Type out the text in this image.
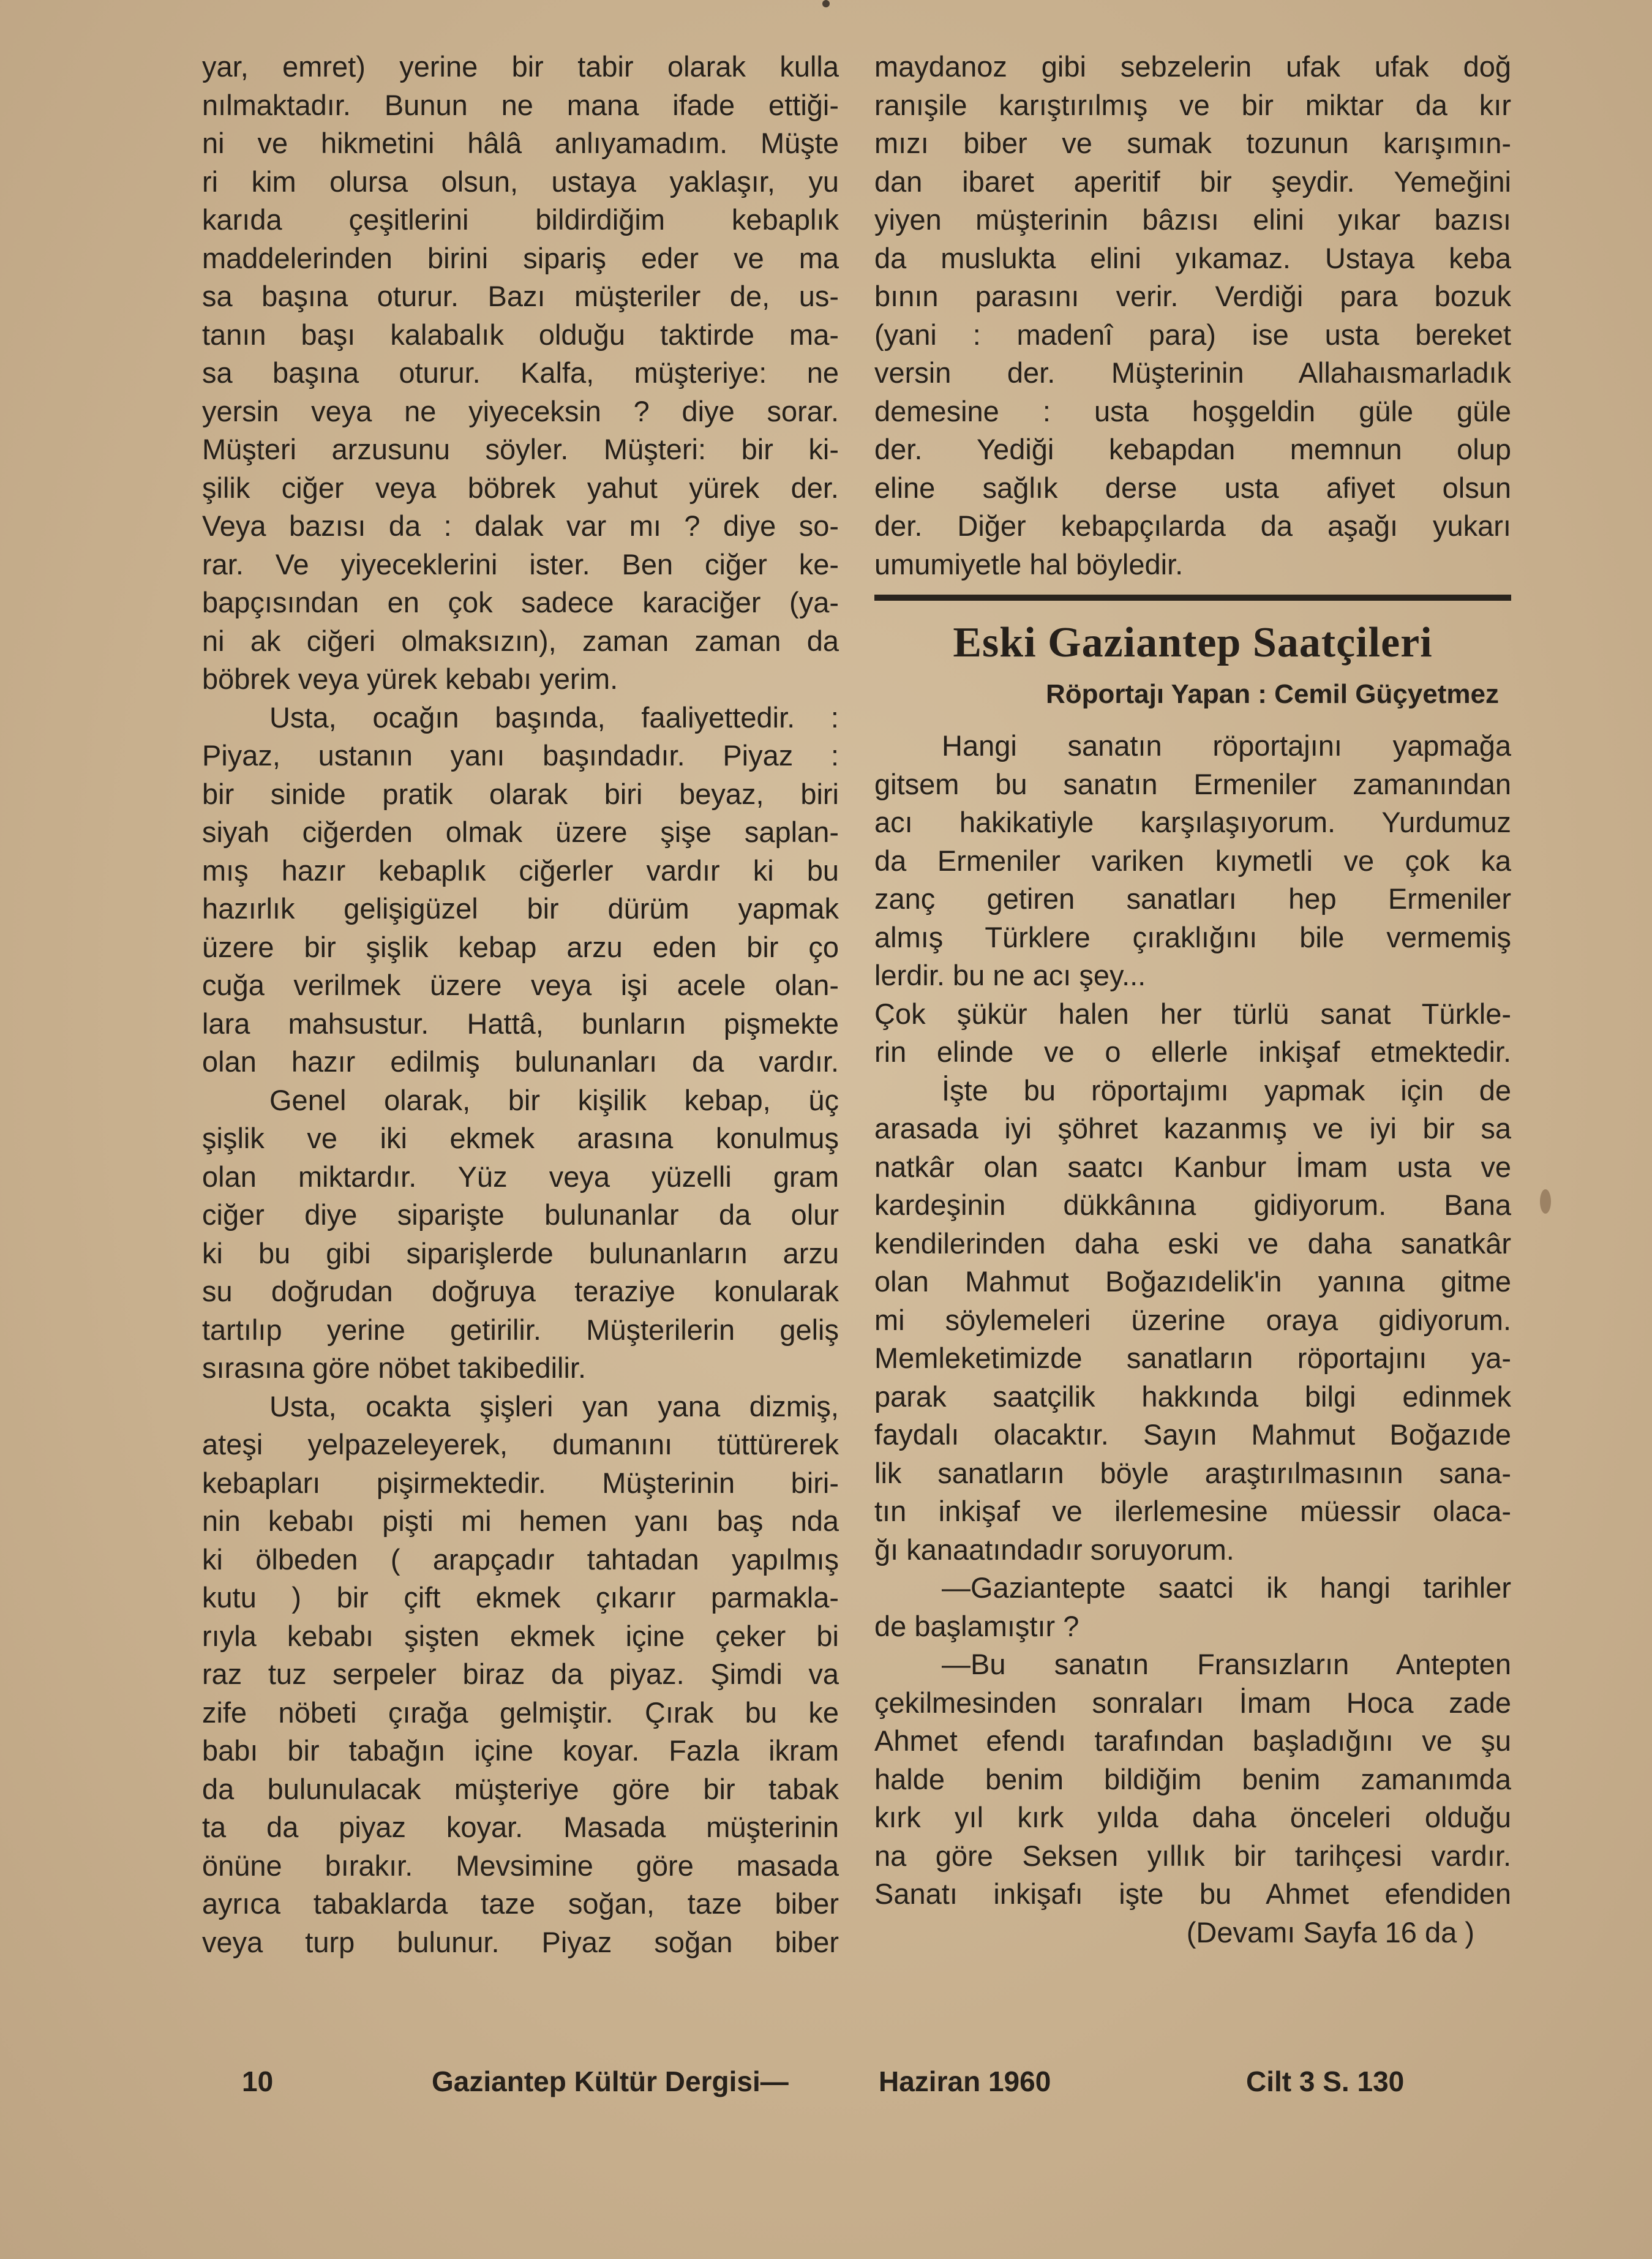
yar, emret) yerine bir tabir olarak kulla

nılmaktadır. Bunun ne mana ifade ettiği-

ni ve hikmetini hâlâ anlıyamadım. Müşte

ri kim olursa olsun, ustaya yaklaşır, yu

karıda çeşitlerini bildirdiğim kebaplık

maddelerinden birini sipariş eder ve ma

sa başına oturur. Bazı müşteriler de, us-

tanın başı kalabalık olduğu taktirde ma-

sa başına oturur. Kalfa, müşteriye: ne

yersin veya ne yiyeceksin ? diye sorar.

Müşteri arzusunu söyler. Müşteri: bir ki-

şilik ciğer veya böbrek yahut yürek der.

Veya bazısı da : dalak var mı ? diye so-

rar. Ve yiyeceklerini ister. Ben ciğer ke-

bapçısından en çok sadece karaciğer (ya-

ni ak ciğeri olmaksızın), zaman zaman da

böbrek veya yürek kebabı yerim.

Usta, ocağın başında, faaliyettedir. :

Piyaz, ustanın yanı başındadır. Piyaz :

bir sinide pratik olarak biri beyaz, biri

siyah ciğerden olmak üzere şişe saplan-

mış hazır kebaplık ciğerler vardır ki bu

hazırlık gelişigüzel bir dürüm yapmak

üzere bir şişlik kebap arzu eden bir ço

cuğa verilmek üzere veya işi acele olan-

lara mahsustur. Hattâ, bunların pişmekte

olan hazır edilmiş bulunanları da vardır.

Genel olarak, bir kişilik kebap, üç

şişlik ve iki ekmek arasına konulmuş

olan miktardır. Yüz veya yüzelli gram

ciğer diye siparişte bulunanlar da olur

ki bu gibi siparişlerde bulunanların arzu

su doğrudan doğruya teraziye konularak

tartılıp yerine getirilir. Müşterilerin geliş

sırasına göre nöbet takibedilir.

Usta, ocakta şişleri yan yana dizmiş,

ateşi yelpazeleyerek, dumanını tüttürerek

kebapları pişirmektedir. Müşterinin biri-

nin kebabı pişti mi hemen yanı baş nda

ki ölbeden ( arapçadır tahtadan yapılmış

kutu ) bir çift ekmek çıkarır parmakla-

rıyla kebabı şişten ekmek içine çeker bi

raz tuz serpeler biraz da piyaz. Şimdi va

zife nöbeti çırağa gelmiştir. Çırak bu ke

babı bir tabağın içine koyar. Fazla ikram

da bulunulacak müşteriye göre bir tabak

ta da piyaz koyar. Masada müşterinin

önüne bırakır. Mevsimine göre masada

ayrıca tabaklarda taze soğan, taze biber

veya turp bulunur. Piyaz soğan biber

maydanoz gibi sebzelerin ufak ufak doğ

ranışile karıştırılmış ve bir miktar da kır

mızı biber ve sumak tozunun karışımın-

dan ibaret aperitif bir şeydir. Yemeğini

yiyen müşterinin bâzısı elini yıkar bazısı

da muslukta elini yıkamaz. Ustaya keba

bının parasını verir. Verdiği para bozuk

(yani : madenî para) ise usta bereket

versin der. Müşterinin Allahaısmarladık

demesine : usta hoşgeldin güle güle

der. Yediği kebapdan memnun olup

eline sağlık derse usta afiyet olsun

der. Diğer kebapçılarda da aşağı yukarı

umumiyetle hal böyledir.

Eski Gaziantep Saatçileri
Röportajı Yapan : Cemil Güçyetmez

Hangi sanatın röportajını yapmağa

gitsem bu sanatın Ermeniler zamanından

acı hakikatiyle karşılaşıyorum. Yurdumuz

da Ermeniler variken kıymetli ve çok ka

zanç getiren sanatları hep Ermeniler

almış Türklere çıraklığını bile vermemiş

lerdir. bu ne acı şey...

Çok şükür halen her türlü sanat Türkle-

rin elinde ve o ellerle inkişaf etmektedir.

İşte bu röportajımı yapmak için de

arasada iyi şöhret kazanmış ve iyi bir sa

natkâr olan saatcı Kanbur İmam usta ve

kardeşinin dükkânına gidiyorum. Bana

kendilerinden daha eski ve daha sanatkâr

olan Mahmut Boğazıdelik'in yanına gitme

mi söylemeleri üzerine oraya gidiyorum.

Memleketimizde sanatların röportajını ya-

parak saatçilik hakkında bilgi edinmek

faydalı olacaktır. Sayın Mahmut Boğazıde

lik sanatların böyle araştırılmasının sana-

tın inkişaf ve ilerlemesine müessir olaca-

ğı kanaatındadır soruyorum.

—Gaziantepte saatci ik hangi tarihler

de başlamıştır ?

—Bu sanatın Fransızların Antepten

çekilmesinden sonraları İmam Hoca zade

Ahmet efendı tarafından başladığını ve şu

halde benim bildiğim benim zamanımda

kırk yıl kırk yılda daha önceleri olduğu

na göre Seksen yıllık bir tarihçesi vardır.

Sanatı inkişafı işte bu Ahmet efendiden

(Devamı Sayfa 16 da )

10	Gaziantep Kültür Dergisi—	Haziran 1960	Cilt 3 S. 130
